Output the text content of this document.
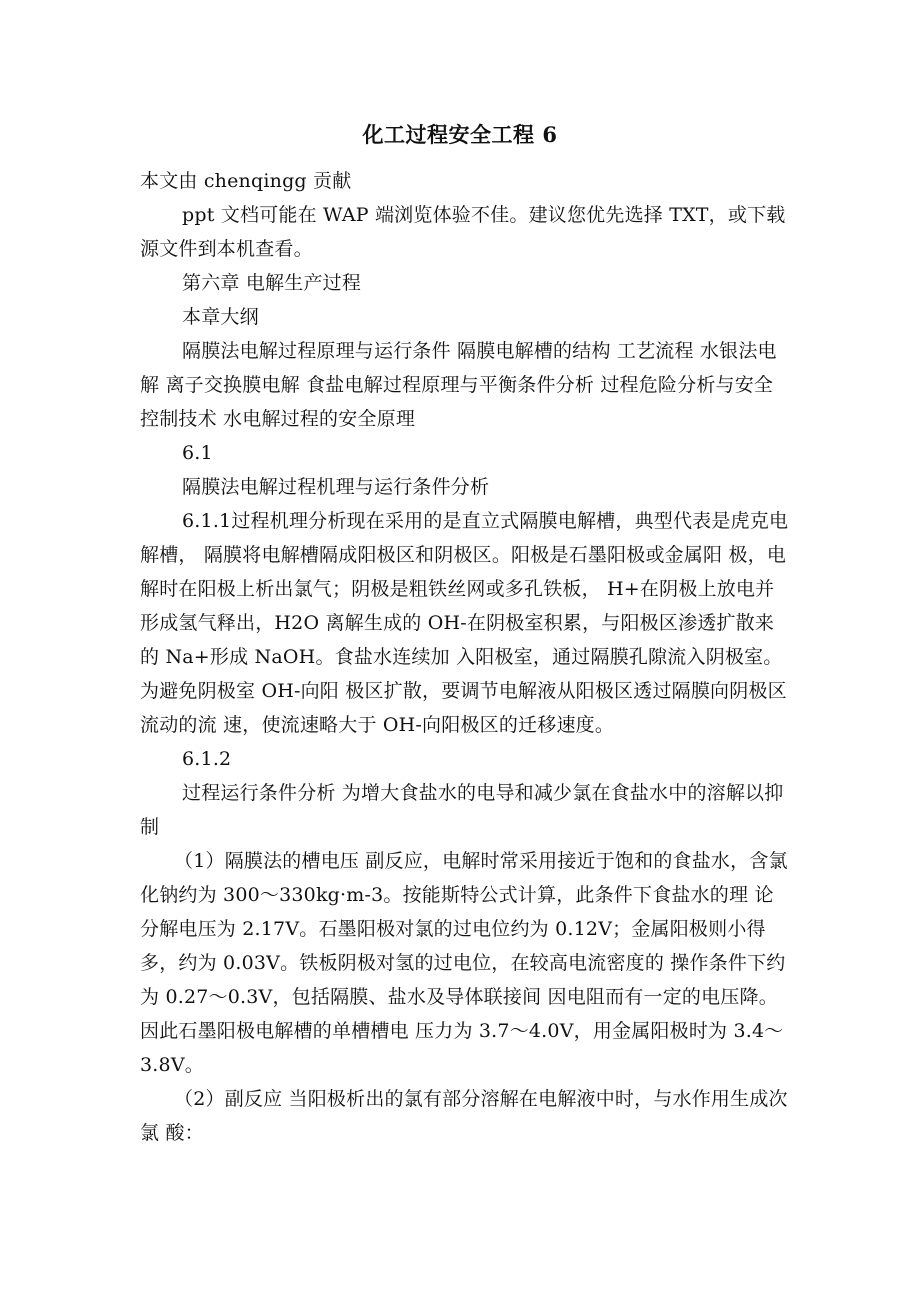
化工过程安全工程 6

本文由 chenqingg 贡献

ppt 文档可能在 WAP 端浏览体验不佳。建议您优先选择 TXT，或下载源文件到本机查看。

第六章 电解生产过程

本章大纲

隔膜法电解过程原理与运行条件 隔膜电解槽的结构 工艺流程 水银法电解 离子交换膜电解 食盐电解过程原理与平衡条件分析 过程危险分析与安全控制技术 水电解过程的安全原理

6.1

隔膜法电解过程机理与运行条件分析

6.1.1过程机理分析现在采用的是直立式隔膜电解槽，典型代表是虎克电解槽， 隔膜将电解槽隔成阳极区和阴极区。阳极是石墨阳极或金属阳 极，电解时在阳极上析出氯气；阴极是粗铁丝网或多孔铁板， H+在阴极上放电并形成氢气释出，H2O 离解生成的 OH-在阴极室积累，与阳极区渗透扩散来的 Na+形成 NaOH。食盐水连续加 入阳极室，通过隔膜孔隙流入阴极室。为避免阴极室 OH-向阳 极区扩散，要调节电解液从阳极区透过隔膜向阴极区流动的流 速，使流速略大于 OH-向阳极区的迁移速度。

6.1.2

过程运行条件分析 为增大食盐水的电导和减少氯在食盐水中的溶解以抑制

（1）隔膜法的槽电压 副反应，电解时常采用接近于饱和的食盐水，含氯化钠约为 300～330kg·m-3。按能斯特公式计算，此条件下食盐水的理 论分解电压为 2.17V。石墨阳极对氯的过电位约为 0.12V；金属阳极则小得多，约为 0.03V。铁板阴极对氢的过电位，在较高电流密度的 操作条件下约为 0.27～0.3V，包括隔膜、盐水及导体联接间 因电阻而有一定的电压降。因此石墨阳极电解槽的单槽槽电 压力为 3.7～4.0V，用金属阳极时为 3.4～3.8V。

（2）副反应 当阳极析出的氯有部分溶解在电解液中时，与水作用生成次氯 酸：
